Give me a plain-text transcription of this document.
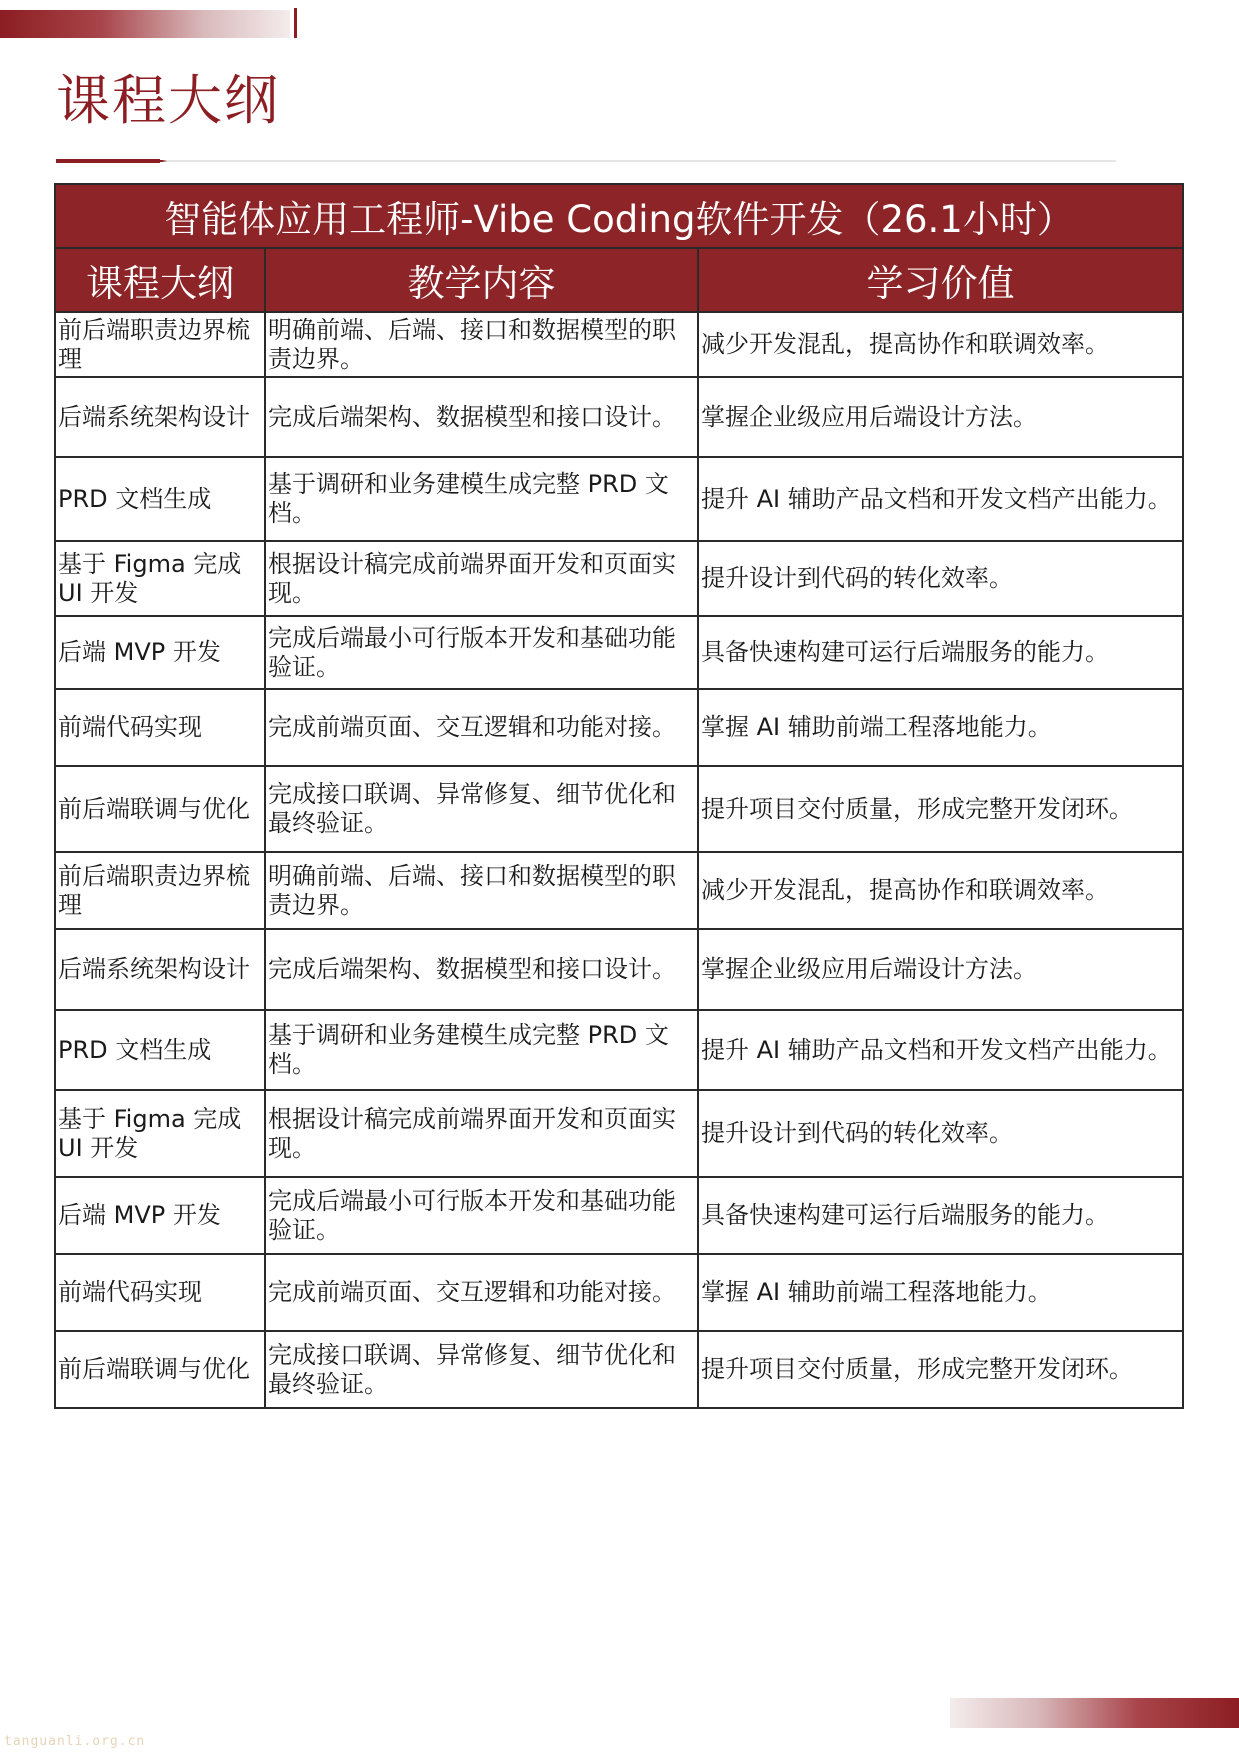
课程大纲
智能体应用工程师-Vibe Coding软件开发（26.1小时）		
课程大纲	教学内容	学习价值
前后端职责边界梳理	明确前端、后端、接口和数据模型的职责边界。	减少开发混乱，提高协作和联调效率。
后端系统架构设计	完成后端架构、数据模型和接口设计。	掌握企业级应用后端设计方法。
PRD 文档生成	基于调研和业务建模生成完整 PRD 文档。	提升 AI 辅助产品文档和开发文档产出能力。
基于 Figma 完成 UI 开发	根据设计稿完成前端界面开发和页面实现。	提升设计到代码的转化效率。
后端 MVP 开发	完成后端最小可行版本开发和基础功能验证。	具备快速构建可运行后端服务的能力。
前端代码实现	完成前端页面、交互逻辑和功能对接。	掌握 AI 辅助前端工程落地能力。
前后端联调与优化	完成接口联调、异常修复、细节优化和最终验证。	提升项目交付质量，形成完整开发闭环。
前后端职责边界梳理	明确前端、后端、接口和数据模型的职责边界。	减少开发混乱，提高协作和联调效率。
后端系统架构设计	完成后端架构、数据模型和接口设计。	掌握企业级应用后端设计方法。
PRD 文档生成	基于调研和业务建模生成完整 PRD 文档。	提升 AI 辅助产品文档和开发文档产出能力。
基于 Figma 完成 UI 开发	根据设计稿完成前端界面开发和页面实现。	提升设计到代码的转化效率。
后端 MVP 开发	完成后端最小可行版本开发和基础功能验证。	具备快速构建可运行后端服务的能力。
前端代码实现	完成前端页面、交互逻辑和功能对接。	掌握 AI 辅助前端工程落地能力。
前后端联调与优化	完成接口联调、异常修复、细节优化和最终验证。	提升项目交付质量，形成完整开发闭环。
tanguanli.org.cn
